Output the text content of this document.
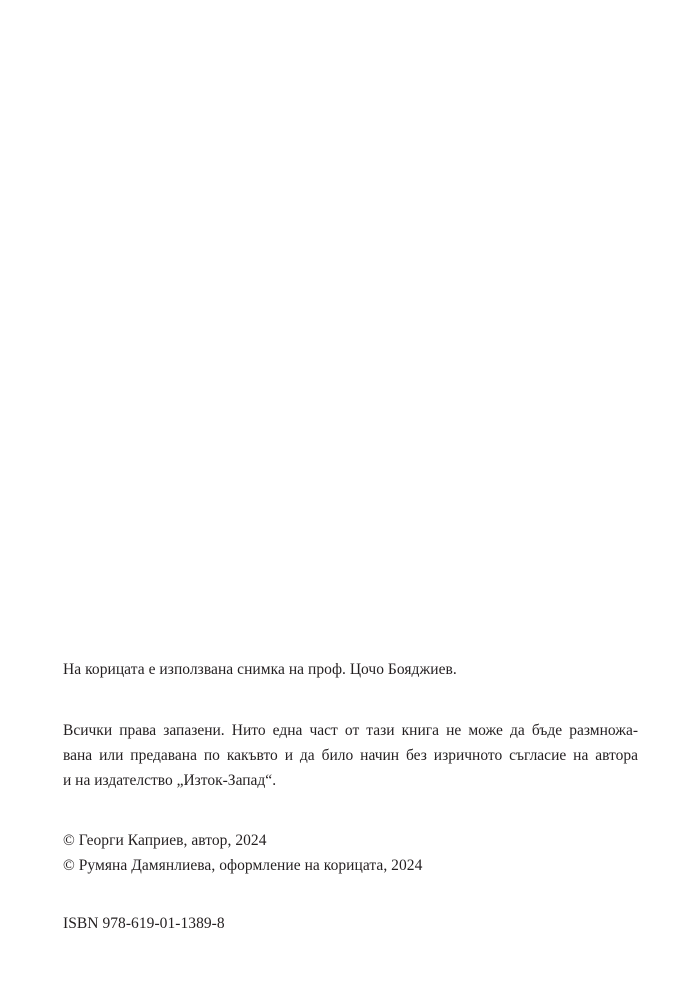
На корицата е използвана снимка на проф. Цочо Бояджиев.
Всички права запазени. Нито една част от тази книга не може да бъде размножа-
вана или предавана по какъвто и да било начин без изричното съгласие на автора
и на издателство „Изток-Запад“.
© Георги Каприев, автор, 2024
© Румяна Дамянлиева, оформление на корицата, 2024
ISBN 978-619-01-1389-8
